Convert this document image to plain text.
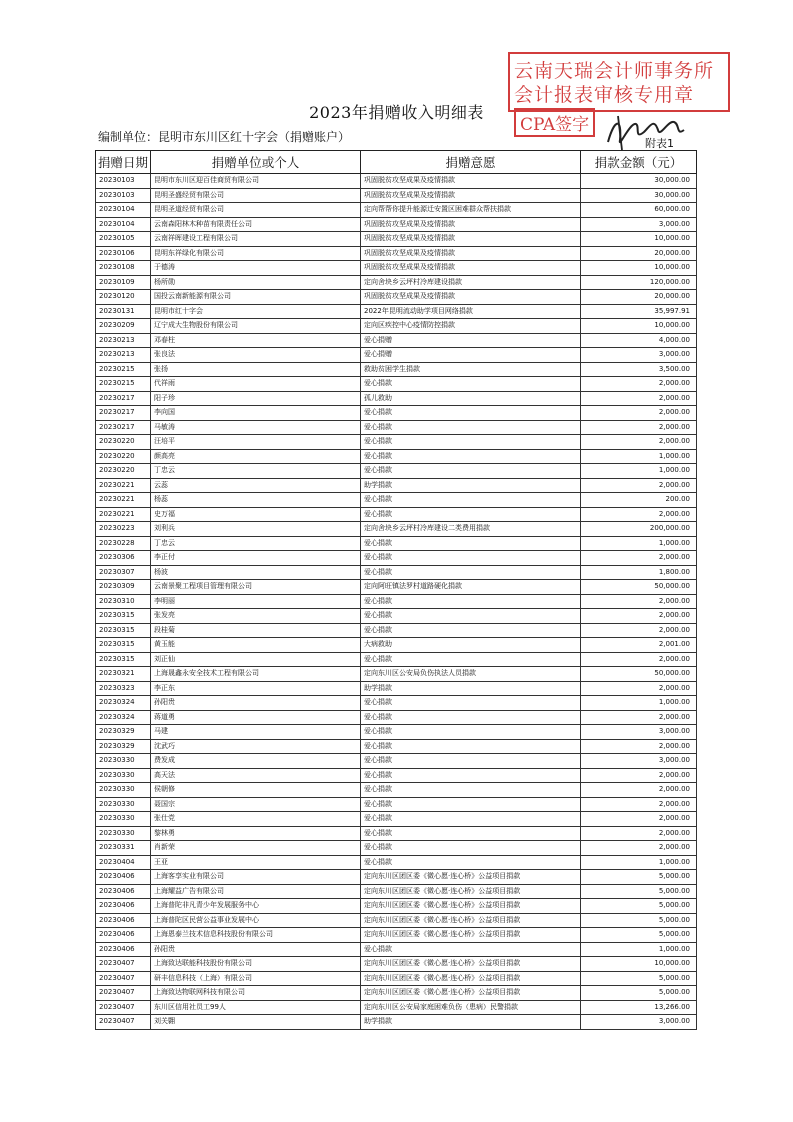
云南天瑞会计师事务所
会计报表审核专用章
CPA签字
2023年捐赠收入明细表
编制单位：昆明市东川区红十字会（捐赠账户）	附表1
捐赠日期	捐赠单位或个人	捐赠意愿	捐款金额（元）
20230103	昆明市东川区迎百佳商贸有限公司	巩固脱贫攻坚成果及疫情捐款	30,000.00
20230103	昆明圣盛经贸有限公司	巩固脱贫攻坚成果及疫情捐款	30,000.00
20230104	昆明圣道经贸有限公司	定向帮帮你提升能源迁安置区困难群众帮扶捐款	60,000.00
20230104	云南森阳林木种苗有限责任公司	巩固脱贫攻坚成果及疫情捐款	3,000.00
20230105	云南祥晖建设工程有限公司	巩固脱贫攻坚成果及疫情捐款	10,000.00
20230106	昆明东祥绿化有限公司	巩固脱贫攻坚成果及疫情捐款	20,000.00
20230108	于德涛	巩固脱贫攻坚成果及疫情捐款	10,000.00
20230109	杨所勋	定向舍块乡云坪村冷库建设捐款	120,000.00
20230120	国投云南新能源有限公司	巩固脱贫攻坚成果及疫情捐款	20,000.00
20230131	昆明市红十字会	2022年昆明流动助学项目网络捐款	35,997.91
20230209	辽宁成大生物股份有限公司	定向区疾控中心疫情防控捐款	10,000.00
20230213	邓春柱	爱心捐赠	4,000.00
20230213	张良法	爱心捐赠	3,000.00
20230215	张扬	救助贫困学生捐款	3,500.00
20230215	代祥雨	爱心捐款	2,000.00
20230217	阳子珍	孤儿救助	2,000.00
20230217	李向国	爱心捐款	2,000.00
20230217	马敏涛	爱心捐款	2,000.00
20230220	汪培平	爱心捐款	2,000.00
20230220	颜高亮	爱心捐款	1,000.00
20230220	丁忠云	爱心捐款	1,000.00
20230221	云蕊	助学捐款	2,000.00
20230221	杨蕊	爱心捐款	200.00
20230221	史万福	爱心捐款	2,000.00
20230223	刘利兵	定向舍块乡云坪村冷库建设二类费用捐款	200,000.00
20230228	丁忠云	爱心捐款	1,000.00
20230306	李正付	爱心捐款	2,000.00
20230307	杨波	爱心捐款	1,800.00
20230309	云南景聚工程项目管理有限公司	定向阿旺镇法罗村道路硬化捐款	50,000.00
20230310	李明丽	爱心捐款	2,000.00
20230315	张发亮	爱心捐款	2,000.00
20230315	段桂菊	爱心捐款	2,000.00
20230315	黄玉能	大病救助	2,001.00
20230315	刘正仙	爱心捐款	2,000.00
20230321	上海晟鑫永安全技术工程有限公司	定向东川区公安局负伤执法人员捐款	50,000.00
20230323	李正东	助学捐款	2,000.00
20230324	孙阳贵	爱心捐款	1,000.00
20230324	蒋道勇	爱心捐款	2,000.00
20230329	马建	爱心捐款	3,000.00
20230329	沈武巧	爱心捐款	2,000.00
20230330	费发成	爱心捐款	3,000.00
20230330	高天法	爱心捐款	2,000.00
20230330	侯朝修	爱心捐款	2,000.00
20230330	聂国宗	爱心捐款	2,000.00
20230330	张仕党	爱心捐款	2,000.00
20230330	黎林勇	爱心捐款	2,000.00
20230331	肖新荣	爱心捐款	2,000.00
20230404	王亚	爱心捐款	1,000.00
20230406	上海客享实业有限公司	定向东川区团区委《微心愿·连心桥》公益项目捐款	5,000.00
20230406	上海耀益广告有限公司	定向东川区团区委《微心愿·连心桥》公益项目捐款	5,000.00
20230406	上海普陀非凡青少年发展服务中心	定向东川区团区委《微心愿·连心桥》公益项目捐款	5,000.00
20230406	上海普陀区民营公益事业发展中心	定向东川区团区委《微心愿·连心桥》公益项目捐款	5,000.00
20230406	上海恩泰兰技术信息科技股份有限公司	定向东川区团区委《微心愿·连心桥》公益项目捐款	5,000.00
20230406	孙阳贵	爱心捐款	1,000.00
20230407	上海致达联能科技股份有限公司	定向东川区团区委《微心愿·连心桥》公益项目捐款	10,000.00
20230407	研丰信息科技（上海）有限公司	定向东川区团区委《微心愿·连心桥》公益项目捐款	5,000.00
20230407	上海致达物联网科技有限公司	定向东川区团区委《微心愿·连心桥》公益项目捐款	5,000.00
20230407	东川区信用社员工99人	定向东川区公安局家庭困难负伤（患病）民警捐款	13,266.00
20230407	刘关翾	助学捐款	3,000.00
